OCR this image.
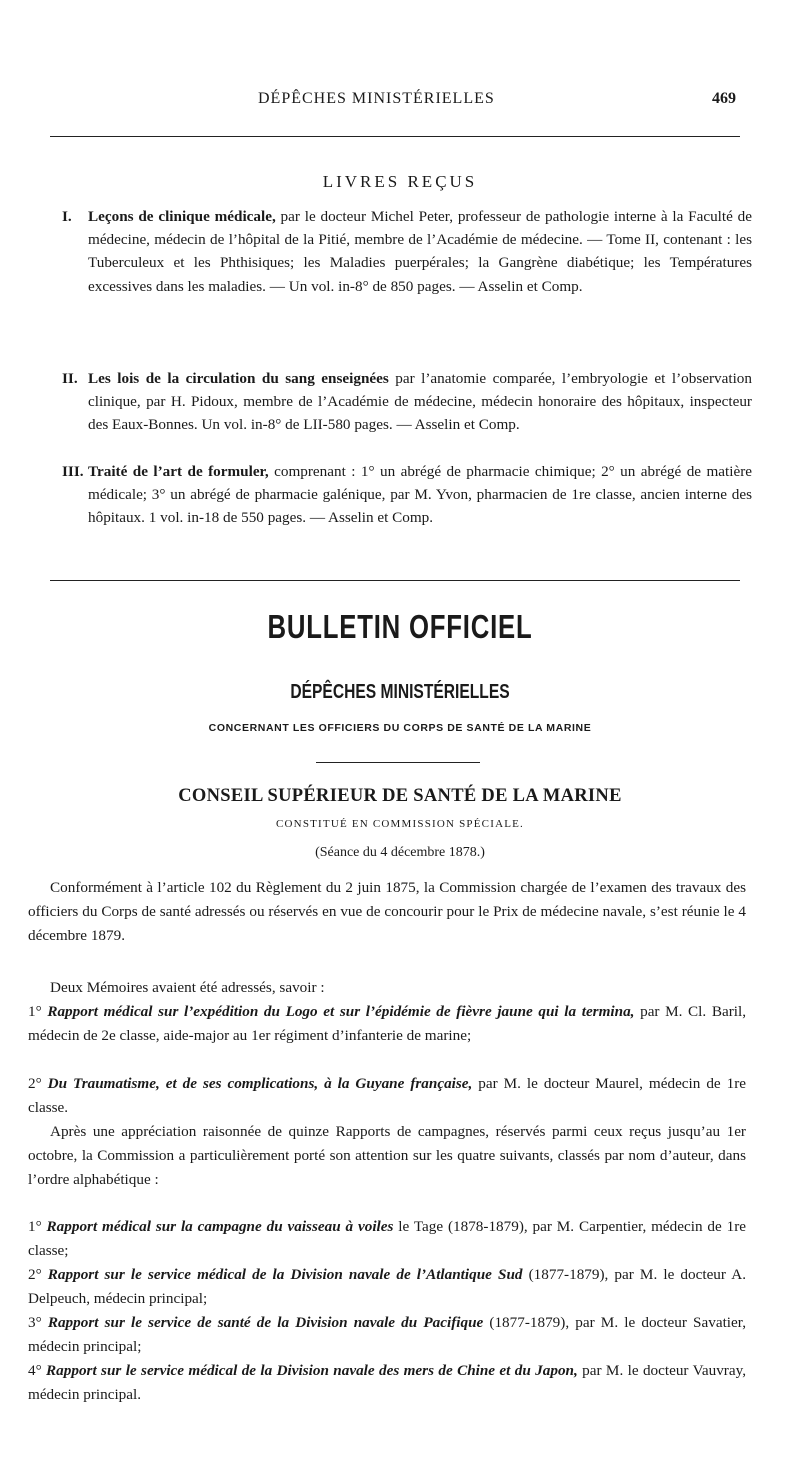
DÉPÊCHES MINISTÉRIELLES	469
LIVRES REÇUS
I. Leçons de clinique médicale, par le docteur Michel Peter, professeur de pathologie interne à la Faculté de médecine, médecin de l’hôpital de la Pitié, membre de l’Académie de médecine. — Tome II, contenant : les Tuberculeux et les Phthisiques; les Maladies puerpérales; la Gangrène diabétique; les Températures excessives dans les maladies. — Un vol. in-8° de 850 pages. — Asselin et Comp.
II. Les lois de la circulation du sang enseignées par l’anatomie comparée, l’embryologie et l’observation clinique, par H. Pidoux, membre de l’Académie de médecine, médecin honoraire des hôpitaux, inspecteur des Eaux-Bonnes. Un vol. in-8° de LII-580 pages. — Asselin et Comp.
III. Traité de l’art de formuler, comprenant : 1° un abrégé de pharmacie chimique; 2° un abrégé de matière médicale; 3° un abrégé de pharmacie galénique, par M. Yvon, pharmacien de 1re classe, ancien interne des hôpitaux. 1 vol. in-18 de 550 pages. — Asselin et Comp.
BULLETIN OFFICIEL
DÉPÊCHES MINISTÉRIELLES
CONCERNANT LES OFFICIERS DU CORPS DE SANTÉ DE LA MARINE
CONSEIL SUPÉRIEUR DE SANTÉ DE LA MARINE
CONSTITUÉ EN COMMISSION SPÉCIALE.
(Séance du 4 décembre 1878.)
Conformément à l’article 102 du Règlement du 2 juin 1875, la Commission chargée de l’examen des travaux des officiers du Corps de santé adressés ou réservés en vue de concourir pour le Prix de médecine navale, s’est réunie le 4 décembre 1879.
Deux Mémoires avaient été adressés, savoir :
1° Rapport médical sur l’expédition du Logo et sur l’épidémie de fièvre jaune qui la termina, par M. Cl. Baril, médecin de 2e classe, aide-major au 1er régiment d’infanterie de marine;
2° Du Traumatisme, et de ses complications, à la Guyane française, par M. le docteur Maurel, médecin de 1re classe.
Après une appréciation raisonnée de quinze Rapports de campagnes, réservés parmi ceux reçus jusqu’au 1er octobre, la Commission a particulièrement porté son attention sur les quatre suivants, classés par nom d’auteur, dans l’ordre alphabétique :
1° Rapport médical sur la campagne du vaisseau à voiles le Tage (1878-1879), par M. Carpentier, médecin de 1re classe;
2° Rapport sur le service médical de la Division navale de l’Atlantique Sud (1877-1879), par M. le docteur A. Delpeuch, médecin principal;
3° Rapport sur le service de santé de la Division navale du Pacifique (1877-1879), par M. le docteur Savatier, médecin principal;
4° Rapport sur le service médical de la Division navale des mers de Chine et du Japon, par M. le docteur Vauvray, médecin principal.
